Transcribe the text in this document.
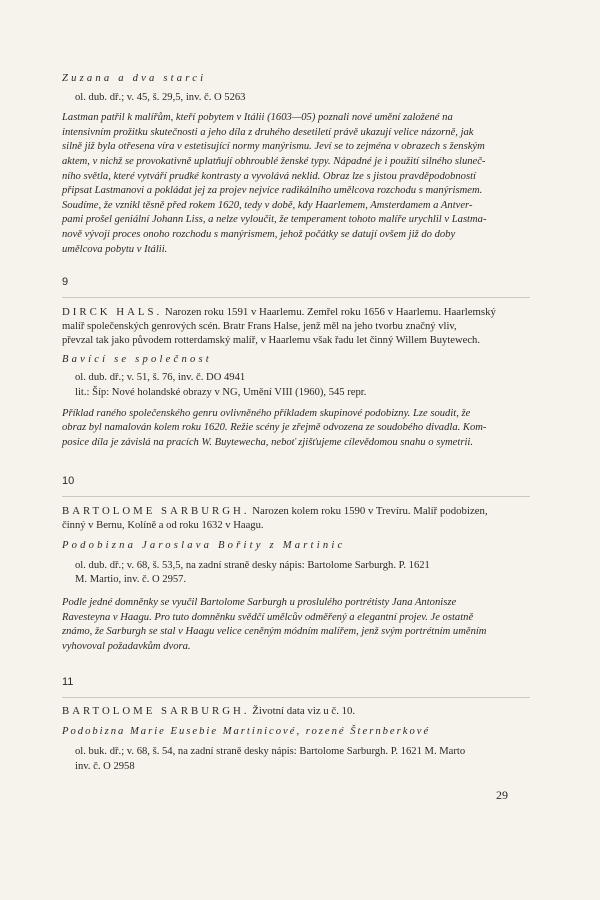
Zuzana a dva starci

ol. dub. dř.; v. 45, š. 29,5, inv. č. O 5263

Lastman patřil k malířům, kteří pobytem v Itálii (1603—05) poznali nové umění založené na

intensivním prožitku skutečnosti a jeho díla z druhého desetiletí právě ukazují velice názorně, jak

silně již byla otřesena víra v estetisující normy manýrismu. Jeví se to zejména v obrazech s ženským

aktem, v nichž se provokativně uplatňují obhroublé ženské typy. Nápadné je i použití silného sluneč-

ního světla, které vytváří prudké kontrasty a vyvolává neklid. Obraz lze s jistou pravděpodobností

připsat Lastmanovi a pokládat jej za projev nejvíce radikálního umělcova rozchodu s manýrismem.

Soudíme, že vznikl těsně před rokem 1620, tedy v době, kdy Haarlemem, Amsterdamem a Antver-

pami prošel geniální Johann Liss, a nelze vyloučit, že temperament tohoto malíře urychlil v Lastma-

nově vývoji proces onoho rozchodu s manýrismem, jehož počátky se datují ovšem již do doby

umělcova pobytu v Itálii.

9

DIRCK HALS. Narozen roku 1591 v Haarlemu. Zemřel roku 1656 v Haarlemu. Haarlemský

malíř společenských genrových scén. Bratr Frans Halse, jenž měl na jeho tvorbu značný vliv,

převzal tak jako původem rotterdamský malíř, v Haarlemu však řadu let činný Willem Buytewech.

Bavící se společnost

ol. dub. dř.; v. 51, š. 76, inv. č. DO 4941

lit.: Šíp: Nové holandské obrazy v NG, Umění VIII (1960), 545 repr.

Příklad raného společenského genru ovlivněného příkladem skupinové podobizny. Lze soudit, že

obraz byl namalován kolem roku 1620. Režie scény je zřejmě odvozena ze soudobého divadla. Kom-

posice díla je závislá na pracích W. Buytewecha, neboť zjišťujeme cílevědomou snahu o symetrii.

10

BARTOLOME SARBURGH. Narozen kolem roku 1590 v Trevíru. Malíř podobizen,

činný v Bernu, Kolíně a od roku 1632 v Haagu.

Podobizna Jaroslava Bořity z Martinic

ol. dub. dř.; v. 68, š. 53,5, na zadní straně desky nápis: Bartolome Sarburgh. P. 1621

M. Martio, inv. č. O 2957.

Podle jedné domněnky se vyučil Bartolome Sarburgh u proslulého portrétisty Jana Antonisze

Ravesteyna v Haagu. Pro tuto domněnku svědčí umělcův odměřený a elegantní projev. Je ostatně

známo, že Sarburgh se stal v Haagu velice ceněným módním malířem, jenž svým portrétním uměním

vyhovoval požadavkům dvora.

11

BARTOLOME SARBURGH. Životní data viz u č. 10.

Podobizna Marie Eusebie Martinicové, rozené Šternberkové

ol. buk. dř.; v. 68, š. 54, na zadní straně desky nápis: Bartolome Sarburgh. P. 1621 M. Marto

inv. č. O 2958

29
